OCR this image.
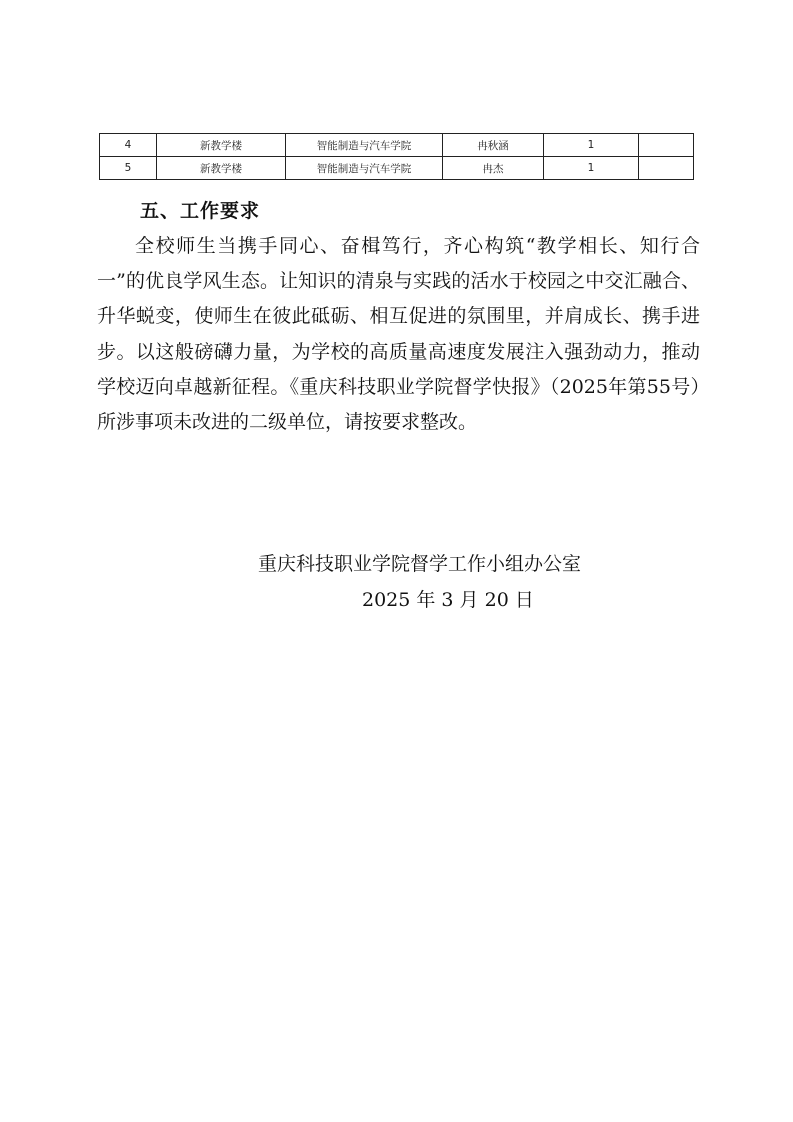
4	新教学楼	智能制造与汽车学院	冉秋涵	1	
5	新教学楼	智能制造与汽车学院	冉杰	1	
五、工作要求

全校师生当携手同心、奋楫笃行，齐心构筑“教学相长、知行合一”的优良学风生态。让知识的清泉与实践的活水于校园之中交汇融合、升华蜕变，使师生在彼此砥砺、相互促进的氛围里，并肩成长、携手进步。以这般磅礴力量，为学校的高质量高速度发展注入强劲动力，推动学校迈向卓越新征程。《重庆科技职业学院督学快报》（2025年第55号）所涉事项未改进的二级单位，请按要求整改。

重庆科技职业学院督学工作小组办公室
2025 年 3 月 20 日
